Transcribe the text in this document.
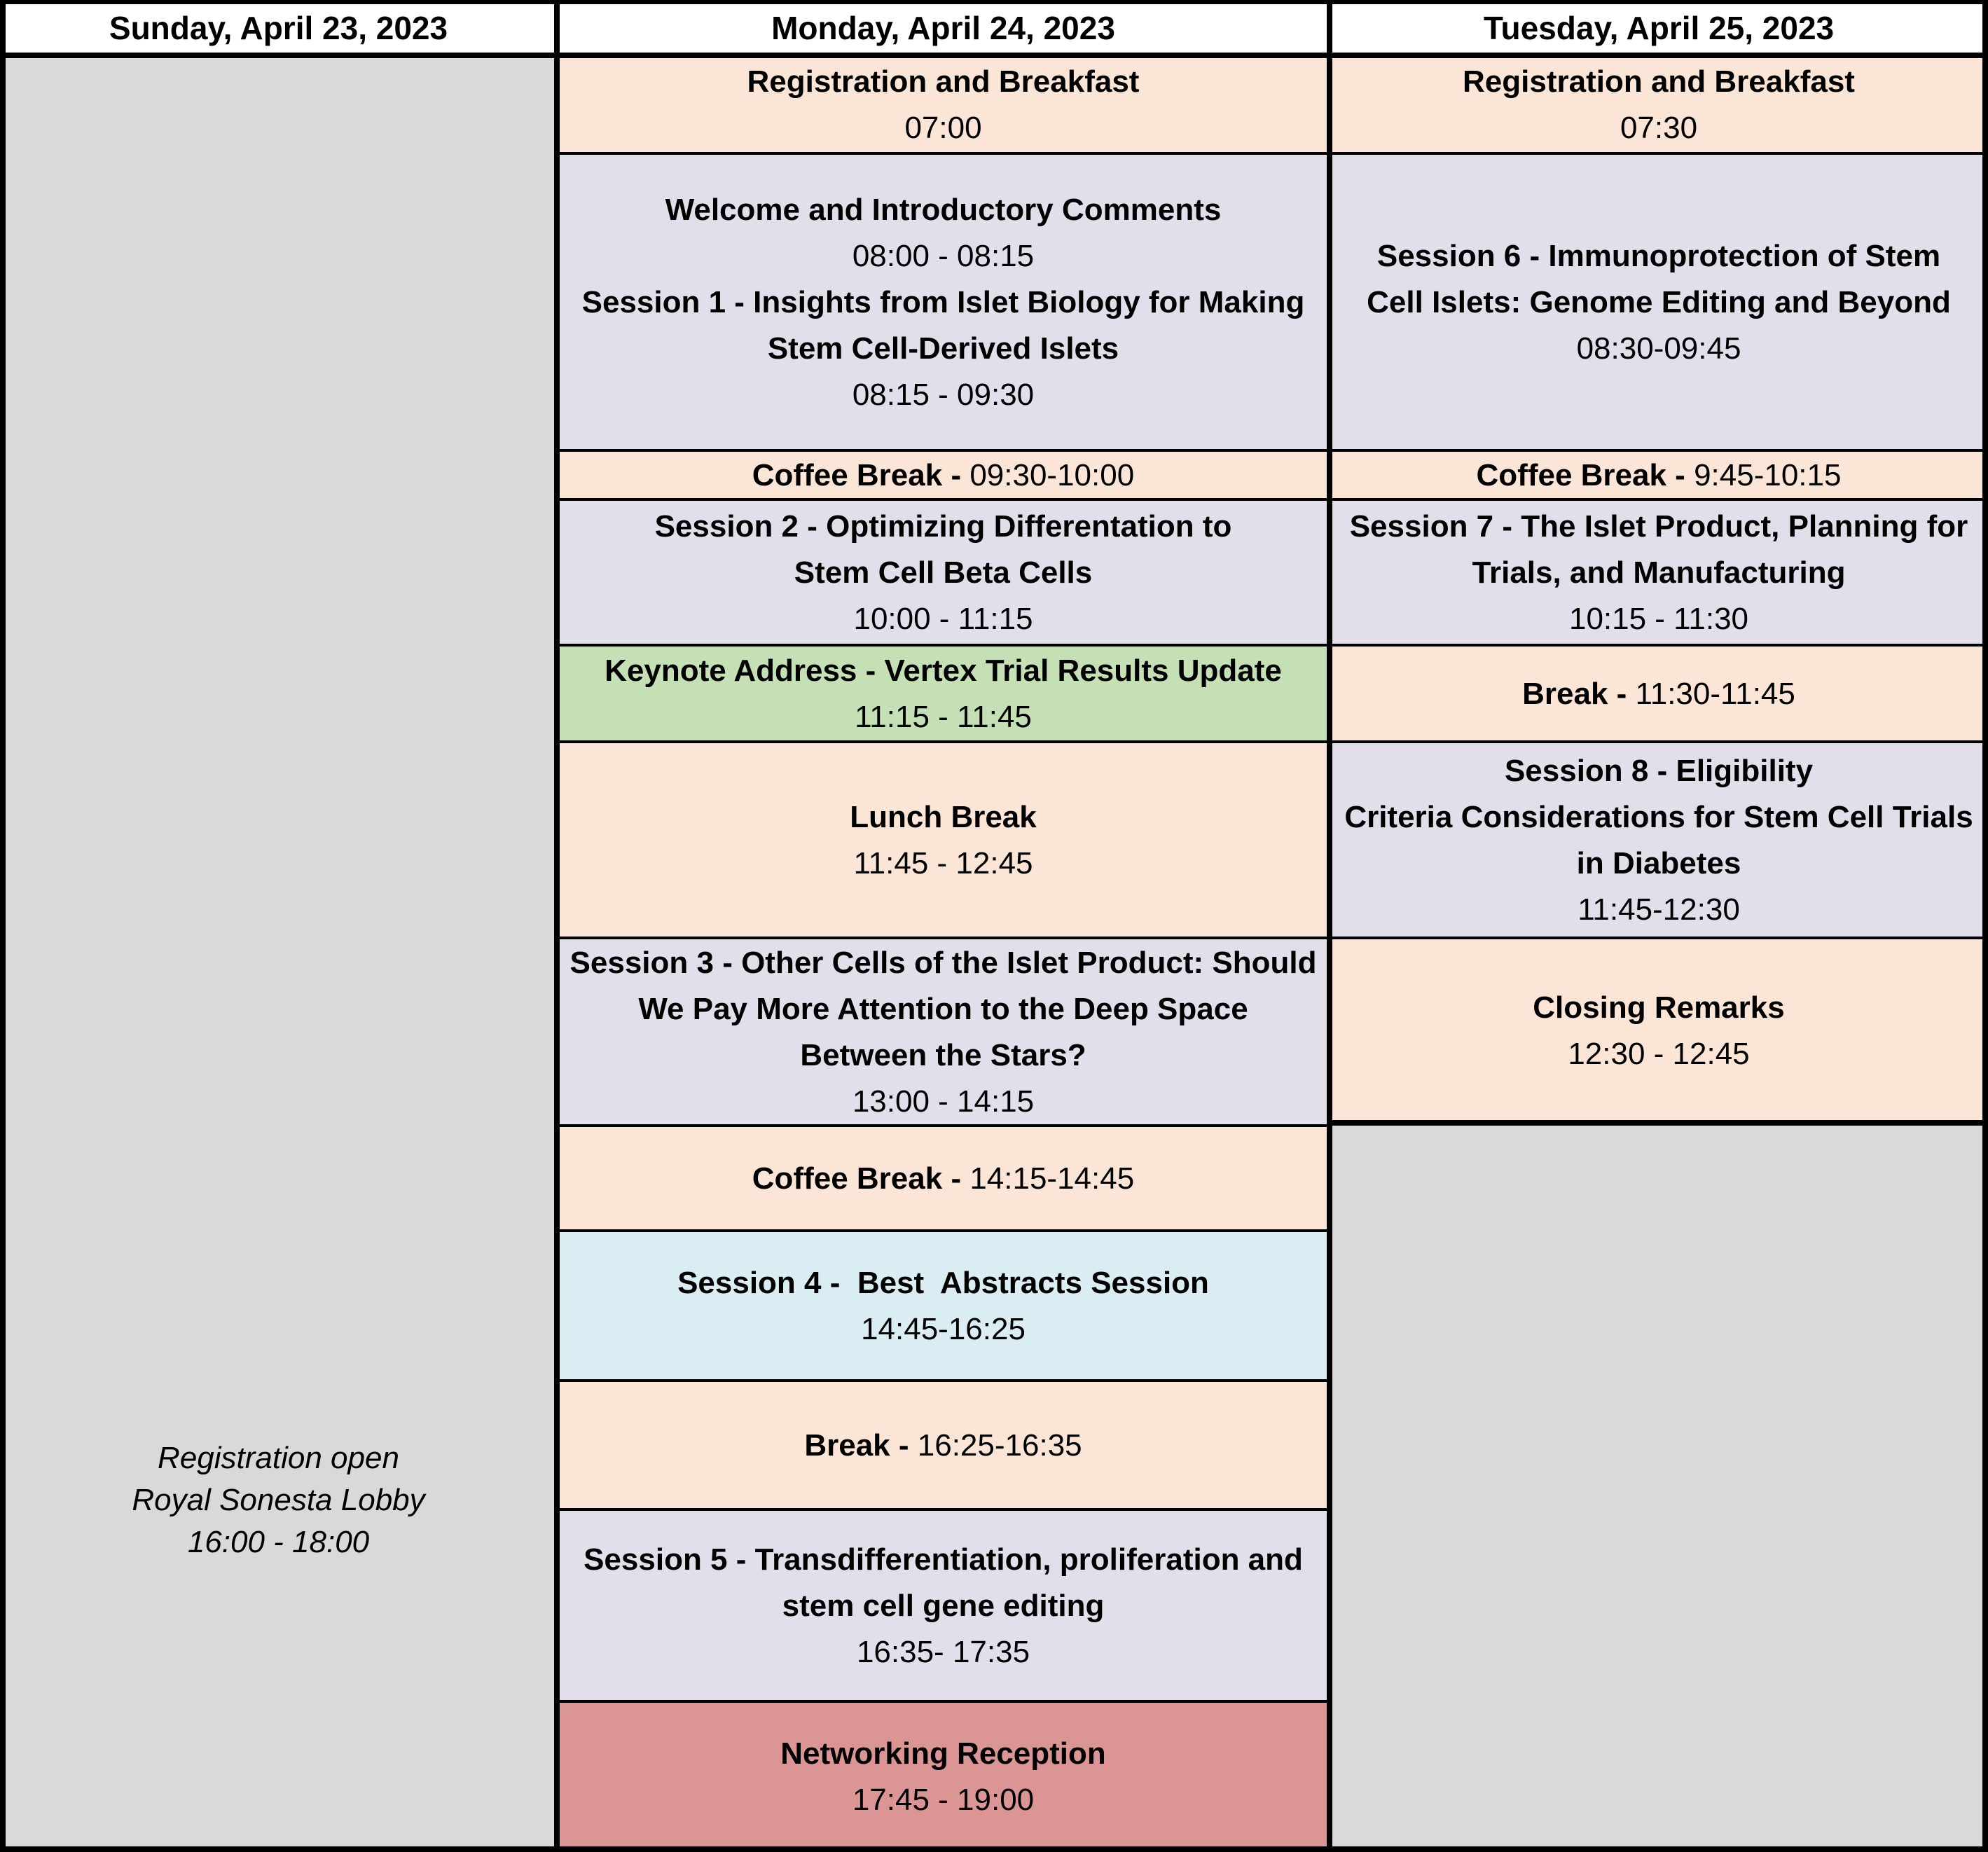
Sunday, April 23, 2023	Monday, April 24, 2023	Tuesday, April 25, 2023
Registration open
Royal Sonesta Lobby
16:00 - 18:00
Registration and Breakfast
07:00
Welcome and Introductory Comments
08:00 - 08:15
Session 1 - Insights from Islet Biology for Making
Stem Cell-Derived Islets
08:15 - 09:30
Coffee Break - 09:30-10:00
Session 2 - Optimizing Differentation to
Stem Cell Beta Cells
10:00 - 11:15
Keynote Address - Vertex Trial Results Update
11:15 - 11:45
Lunch Break
11:45 - 12:45
Session 3 - Other Cells of the Islet Product: Should
We Pay More Attention to the Deep Space
Between the Stars?
13:00 - 14:15
Coffee Break - 14:15-14:45
Session 4 -  Best  Abstracts Session
14:45-16:25
Break - 16:25-16:35
Session 5 - Transdifferentiation, proliferation and
stem cell gene editing
16:35- 17:35
Networking Reception
17:45 - 19:00
Registration and Breakfast
07:30
Session 6 - Immunoprotection of Stem
Cell Islets: Genome Editing and Beyond
08:30-09:45
Coffee Break - 9:45-10:15
Session 7 - The Islet Product, Planning for
Trials, and Manufacturing
10:15 - 11:30
Break - 11:30-11:45
Session 8 - Eligibility
Criteria Considerations for Stem Cell Trials
in Diabetes
11:45-12:30
Closing Remarks
12:30 - 12:45
